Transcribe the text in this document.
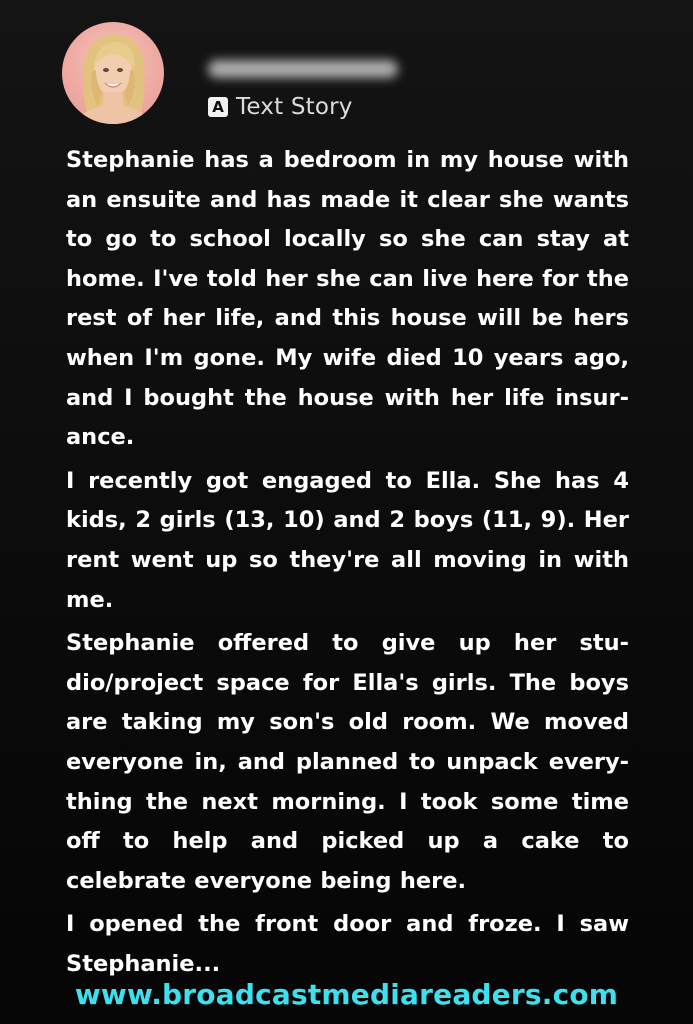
A Text Story

Stephanie has a bedroom in my house with an ensuite and has made it clear she wants to go to school locally so she can stay at home. I've told her she can live here for the rest of her life, and this house will be hers when I'm gone. My wife died 10 years ago, and I bought the house with her life insurance.

I recently got engaged to Ella. She has 4 kids, 2 girls (13, 10) and 2 boys (11, 9). Her rent went up so they're all moving in with me.

Stephanie offered to give up her studio/project space for Ella's girls. The boys are taking my son's old room. We moved everyone in, and planned to unpack everything the next morning. I took some time off to help and picked up a cake to celebrate everyone being here.

I opened the front door and froze. I saw Stephanie...

www.broadcastmediareaders.com
